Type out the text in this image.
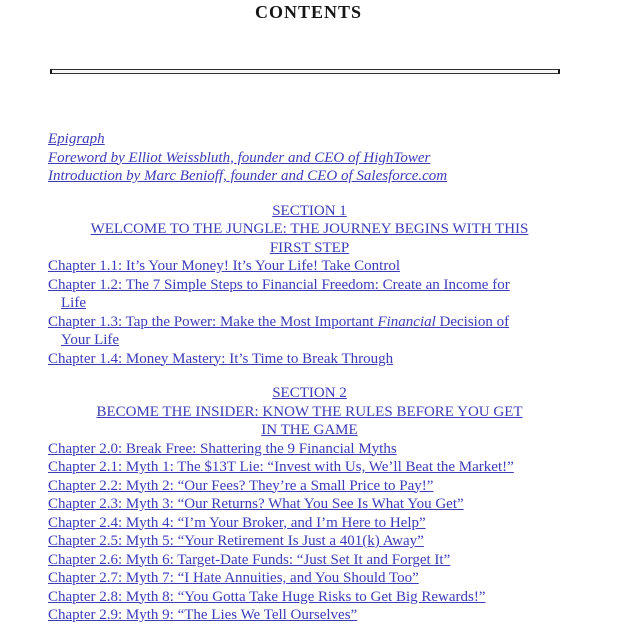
CONTENTS
Epigraph
Foreword by Elliot Weissbluth, founder and CEO of HighTower
Introduction by Marc Benioff, founder and CEO of Salesforce.com
SECTION 1
WELCOME TO THE JUNGLE: THE JOURNEY BEGINS WITH THIS
FIRST STEP
Chapter 1.1: It’s Your Money! It’s Your Life! Take Control
Chapter 1.2: The 7 Simple Steps to Financial Freedom: Create an Income for
Life
Chapter 1.3: Tap the Power: Make the Most Important Financial Decision of
Your Life
Chapter 1.4: Money Mastery: It’s Time to Break Through
SECTION 2
BECOME THE INSIDER: KNOW THE RULES BEFORE YOU GET
IN THE GAME
Chapter 2.0: Break Free: Shattering the 9 Financial Myths
Chapter 2.1: Myth 1: The $13T Lie: “Invest with Us, We’ll Beat the Market!”
Chapter 2.2: Myth 2: “Our Fees? They’re a Small Price to Pay!”
Chapter 2.3: Myth 3: “Our Returns? What You See Is What You Get”
Chapter 2.4: Myth 4: “I’m Your Broker, and I’m Here to Help”
Chapter 2.5: Myth 5: “Your Retirement Is Just a 401(k) Away”
Chapter 2.6: Myth 6: Target-Date Funds: “Just Set It and Forget It”
Chapter 2.7: Myth 7: “I Hate Annuities, and You Should Too”
Chapter 2.8: Myth 8: “You Gotta Take Huge Risks to Get Big Rewards!”
Chapter 2.9: Myth 9: “The Lies We Tell Ourselves”
